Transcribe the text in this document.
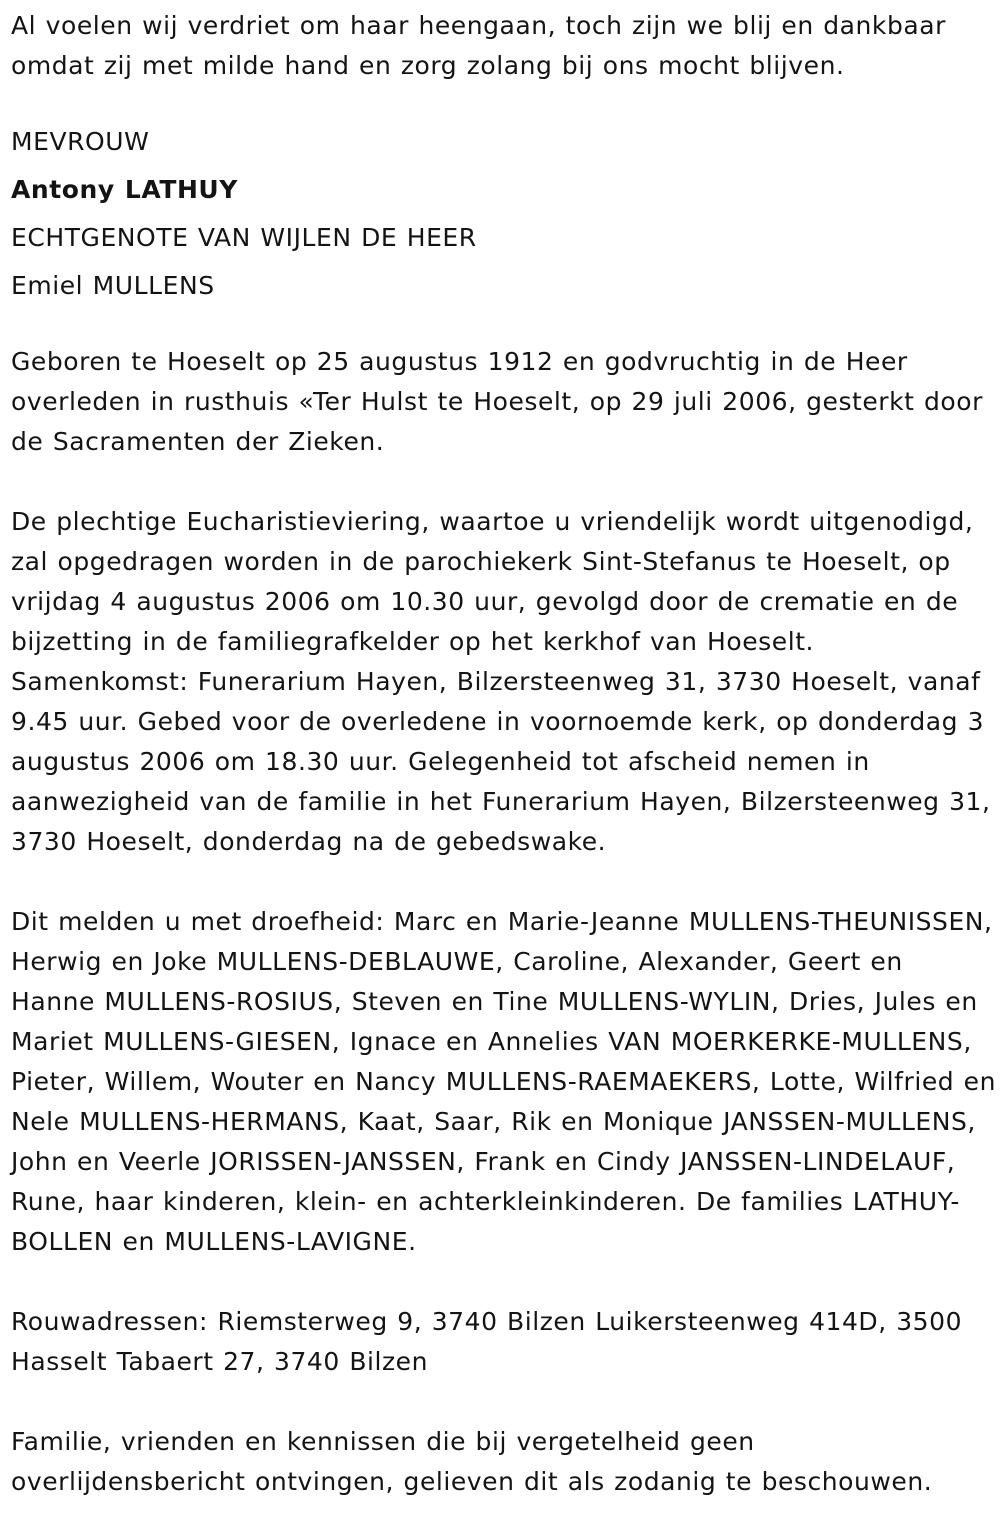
Al voelen wij verdriet om haar heengaan, toch zijn we blij en dankbaar omdat zij met milde hand en zorg zolang bij ons mocht blijven.

MEVROUW

Antony LATHUY

ECHTGENOTE VAN WIJLEN DE HEER

Emiel MULLENS

Geboren te Hoeselt op 25 augustus 1912 en godvruchtig in de Heer overleden in rusthuis «Ter Hulst te Hoeselt, op 29 juli 2006, gesterkt door de Sacramenten der Zieken.

De plechtige Eucharistieviering, waartoe u vriendelijk wordt uitgenodigd, zal opgedragen worden in de parochiekerk Sint-Stefanus te Hoeselt, op vrijdag 4 augustus 2006 om 10.30 uur, gevolgd door de crematie en de bijzetting in de familiegrafkelder op het kerkhof van Hoeselt. Samenkomst: Funerarium Hayen, Bilzersteenweg 31, 3730 Hoeselt, vanaf 9.45 uur. Gebed voor de overledene in voornoemde kerk, op donderdag 3 augustus 2006 om 18.30 uur. Gelegenheid tot afscheid nemen in aanwezigheid van de familie in het Funerarium Hayen, Bilzersteenweg 31, 3730 Hoeselt, donderdag na de gebedswake.

Dit melden u met droefheid: Marc en Marie-Jeanne MULLENS-THEUNISSEN, Herwig en Joke MULLENS-DEBLAUWE, Caroline, Alexander, Geert en Hanne MULLENS-ROSIUS, Steven en Tine MULLENS-WYLIN, Dries, Jules en Mariet MULLENS-GIESEN, Ignace en Annelies VAN MOERKERKE-MULLENS, Pieter, Willem, Wouter en Nancy MULLENS-RAEMAEKERS, Lotte, Wilfried en Nele MULLENS-HERMANS, Kaat, Saar, Rik en Monique JANSSEN-MULLENS, John en Veerle JORISSEN-JANSSEN, Frank en Cindy JANSSEN-LINDELAUF, Rune, haar kinderen, klein- en achterkleinkinderen. De families LATHUY-BOLLEN en MULLENS-LAVIGNE.

Rouwadressen: Riemsterweg 9, 3740 Bilzen Luikersteenweg 414D, 3500 Hasselt Tabaert 27, 3740 Bilzen

Familie, vrienden en kennissen die bij vergetelheid geen overlijdensbericht ontvingen, gelieven dit als zodanig te beschouwen.
